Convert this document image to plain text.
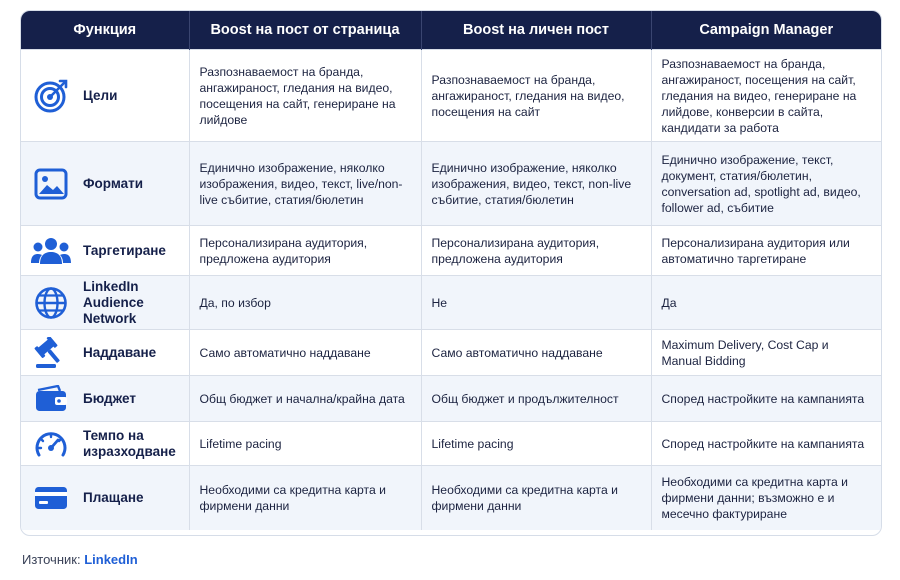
Функция	Boost на пост от страница	Boost на личен пост	Campaign Manager

Цели	Разпознаваемост на бранда, ангажираност, гледания на видео, посещения на сайт, генериране на лийдове	Разпознаваемост на бранда, ангажираност, гледания на видео, посещения на сайт	Разпознаваемост на бранда, ангажираност, посещения на сайт, гледания на видео, генериране на лийдове, конверсии в сайта, кандидати за работа

Формати	Единично изображение, няколко изображения, видео, текст, live/non-live събитие, статия/бюлетин	Единично изображение, няколко изображения, видео, текст, non-live събитие, статия/бюлетин	Единично изображение, текст, документ, статия/бюлетин, conversation ad, spotlight ad, видео, follower ad, събитие

Таргетиране	Персонализирана аудитория, предложена аудитория	Персонализирана аудитория, предложена аудитория	Персонализирана аудитория или автоматично таргетиране

LinkedIn Audience Network	Да, по избор	Не	Да

Наддаване	Само автоматично наддаване	Само автоматично наддаване	Maximum Delivery, Cost Cap и Manual Bidding

Бюджет	Общ бюджет и начална/крайна дата	Общ бюджет и продължителност	Според настройките на кампанията

Темпо на изразходване	Lifetime pacing	Lifetime pacing	Според настройките на кампанията

Плащане	Необходими са кредитна карта и фирмени данни	Необходими са кредитна карта и фирмени данни	Необходими са кредитна карта и фирмени данни; възможно е и месечно фактуриране
Източник: LinkedIn
